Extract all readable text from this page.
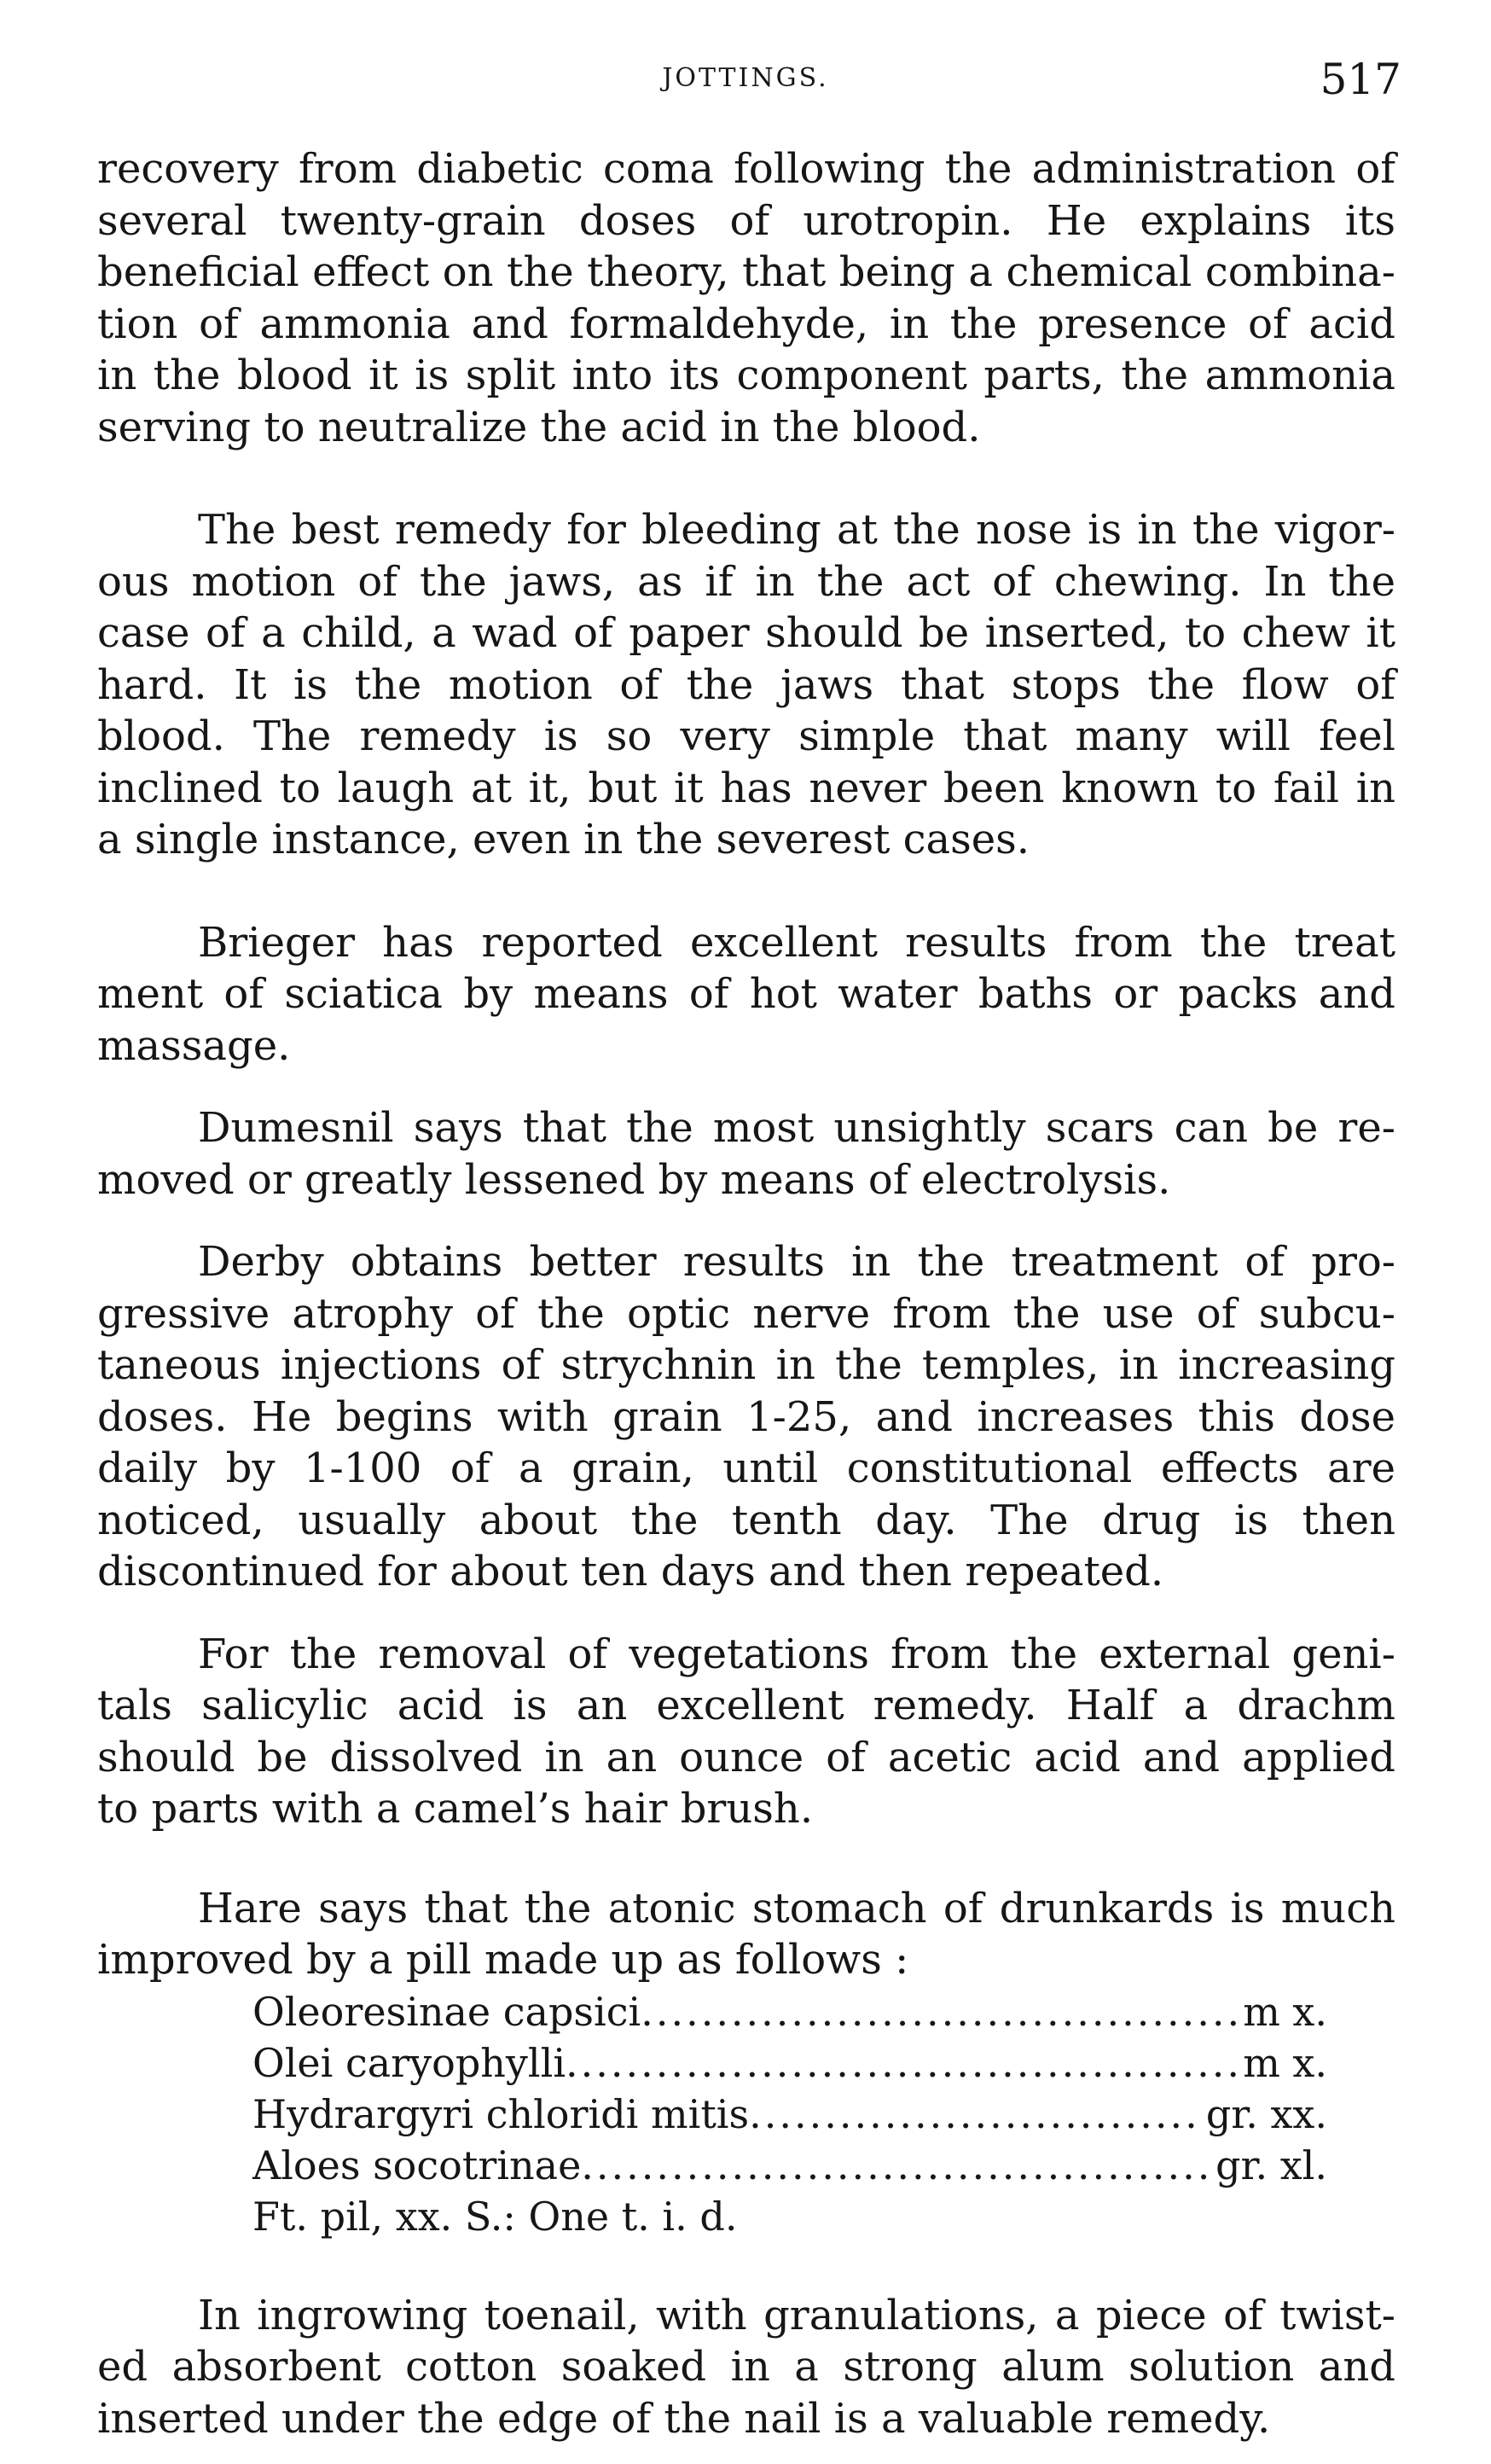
JOTTINGS.	517

recovery from diabetic coma following the administration of
several twenty-grain doses of urotropin. He explains its
beneficial effect on the theory, that being a chemical combina-
tion of ammonia and formaldehyde, in the presence of acid
in the blood it is split into its component parts, the ammonia
serving to neutralize the acid in the blood.

The best remedy for bleeding at the nose is in the vigor-
ous motion of the jaws, as if in the act of chewing. In the
case of a child, a wad of paper should be inserted, to chew it
hard. It is the motion of the jaws that stops the flow of
blood. The remedy is so very simple that many will feel
inclined to laugh at it, but it has never been known to fail in
a single instance, even in the severest cases.

Brieger has reported excellent results from the treat
ment of sciatica by means of hot water baths or packs and
massage.

Dumesnil says that the most unsightly scars can be re-
moved or greatly lessened by means of electrolysis.

Derby obtains better results in the treatment of pro-
gressive atrophy of the optic nerve from the use of subcu-
taneous injections of strychnin in the temples, in increasing
doses. He begins with grain 1-25, and increases this dose
daily by 1-100 of a grain, until constitutional effects are
noticed, usually about the tenth day. The drug is then
discontinued for about ten days and then repeated.

For the removal of vegetations from the external geni-
tals salicylic acid is an excellent remedy. Half a drachm
should be dissolved in an ounce of acetic acid and applied
to parts with a camel’s hair brush.

Hare says that the atonic stomach of drunkards is much
improved by a pill made up as follows :

Oleoresinae capsici .....	m x.
Olei caryophylli .....	m x.
Hydrargyri chloridi mitis .....	gr. xx.
Aloes socotrinae .....	gr. xl.
Ft. pil, xx. S.: One t. i. d.

In ingrowing toenail, with granulations, a piece of twist-
ed absorbent cotton soaked in a strong alum solution and
inserted under the edge of the nail is a valuable remedy.
